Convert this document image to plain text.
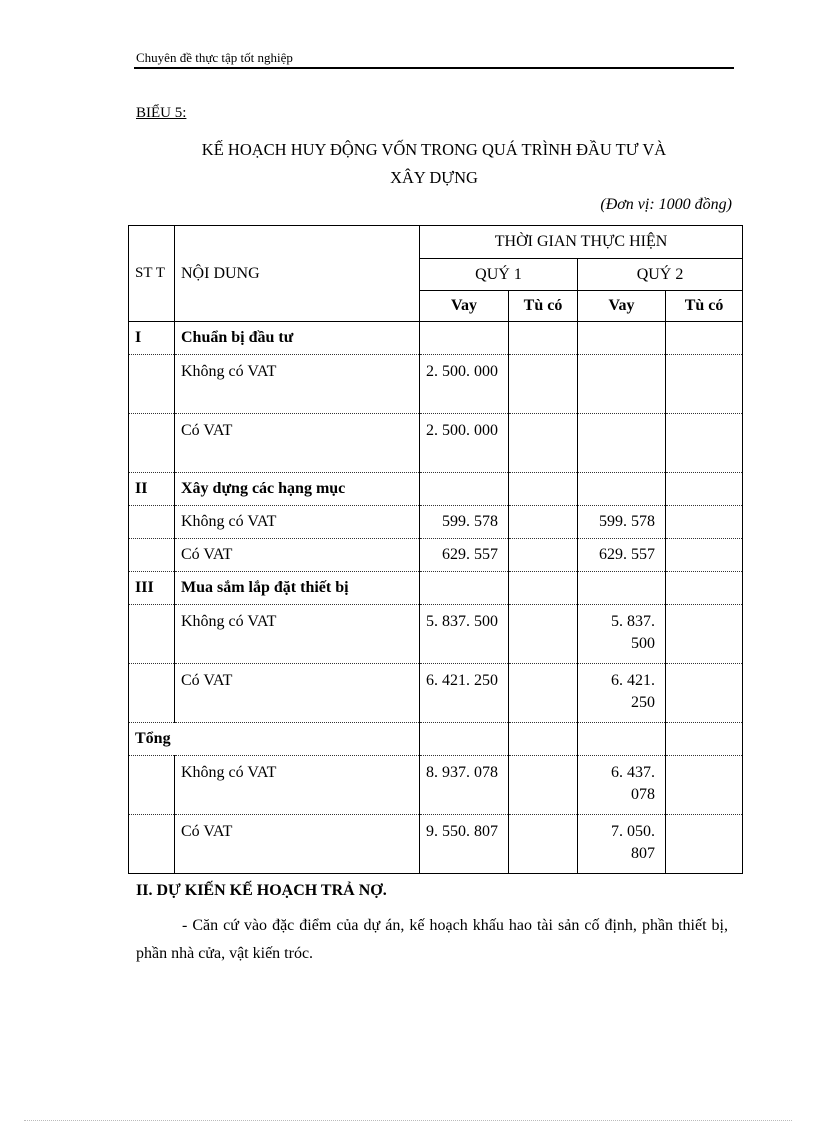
Chuyên đề thực tập tốt nghiệp
BIỂU 5:
KẾ HOẠCH HUY ĐỘNG VỐN TRONG QUÁ TRÌNH ĐẦU TƯ VÀ
XÂY DỰNG
(Đơn vị: 1000 đồng)
ST T	NỘI DUNG	THỜI GIAN THỰC HIỆN			
		QUÝ 1		QUÝ 2	
		Vay	Tù có	Vay	Tù có
I	Chuẩn bị đầu tư				
	Không có VAT	2. 500. 000			
	Có VAT	2. 500. 000			
II	Xây dựng các hạng mục				
	Không có VAT	599. 578		599. 578	
	Có VAT	629. 557		629. 557	
III	Mua sắm lắp đặt thiết bị				
	Không có VAT	5. 837. 500		5. 837. 500	
	Có VAT	6. 421. 250		6. 421. 250	
Tổng					
	Không có VAT	8. 937. 078		6. 437. 078	
	Có VAT	9. 550. 807		7. 050. 807	
II. DỰ KIẾN KẾ HOẠCH TRẢ NỢ.
- Căn cứ vào đặc điểm của dự án, kế hoạch khấu hao tài sản cố định, phần thiết bị, phần nhà cửa, vật kiến tróc.
